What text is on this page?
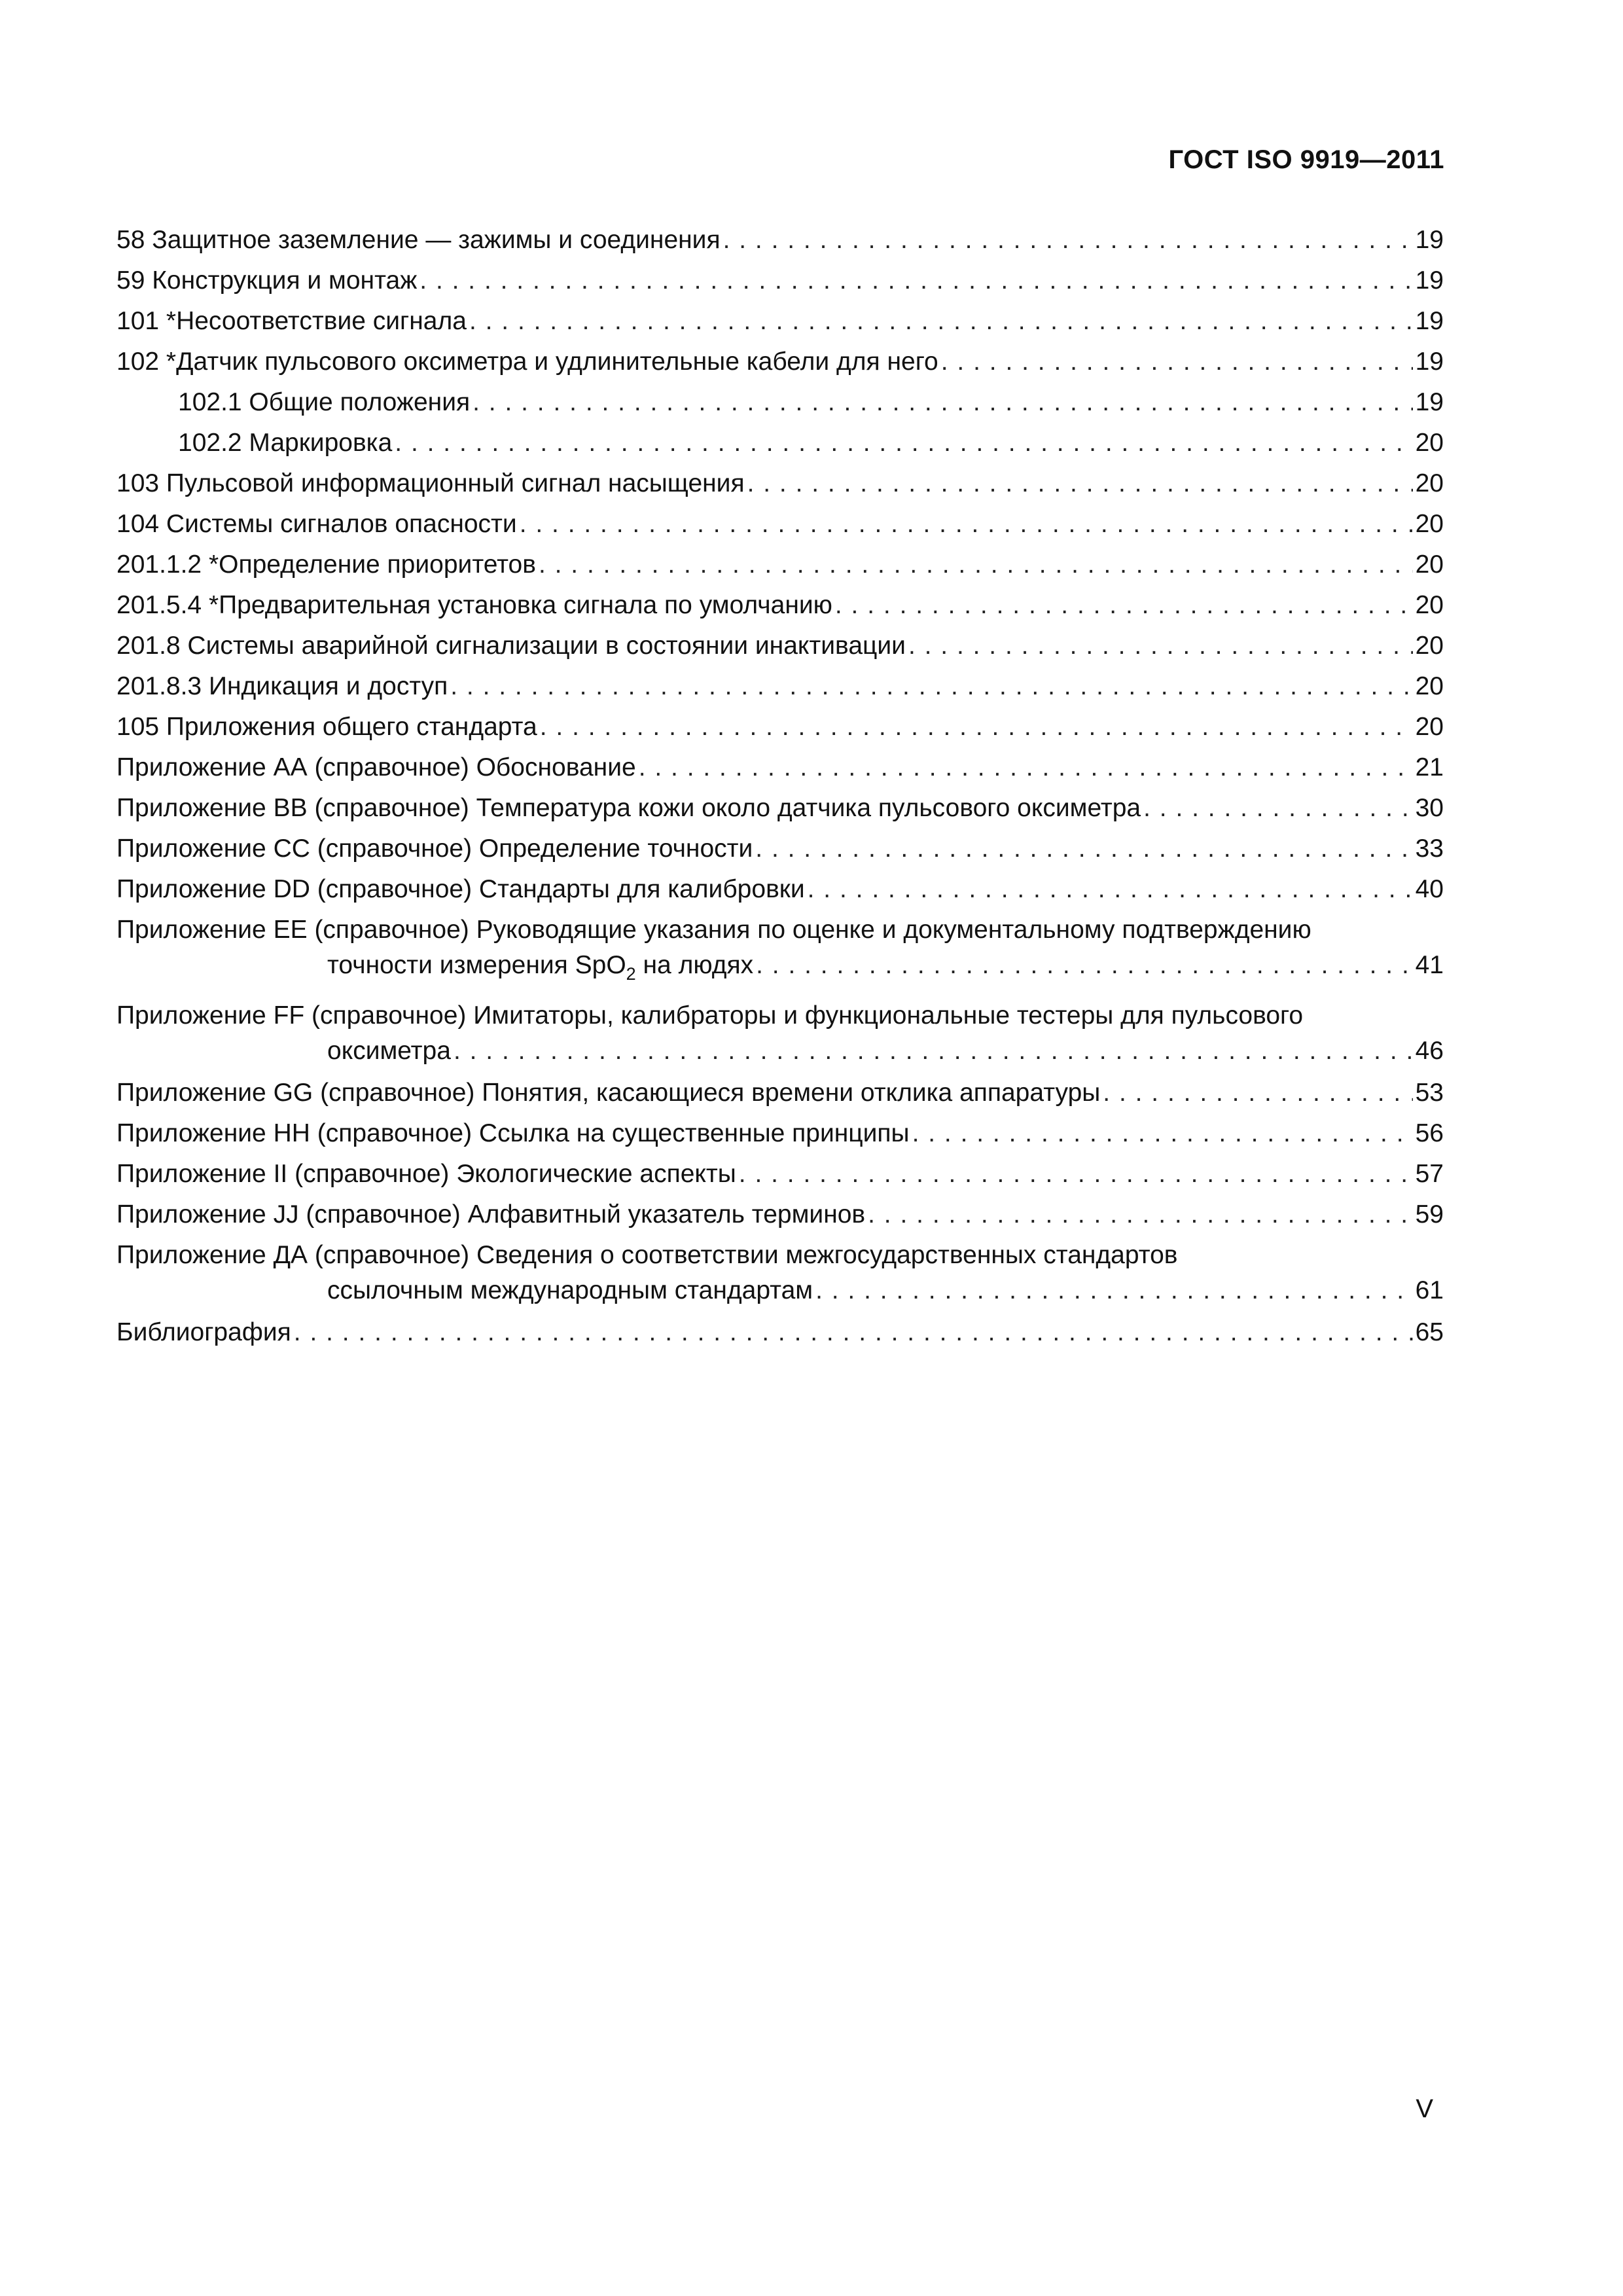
ГОСТ ISO 9919—2011
58 Защитное заземление — зажимы и соединения . . .	19
59 Конструкция и монтаж . . .	19
101 *Несоответствие сигнала . . .	19
102 *Датчик пульсового оксиметра и удлинительные кабели для него . . .	19
102.1 Общие положения . . .	19
102.2 Маркировка . . .	20
103 Пульсовой информационный сигнал насыщения . . .	20
104 Системы сигналов опасности . . .	20
201.1.2 *Определение приоритетов . . .	20
201.5.4 *Предварительная установка сигнала по умолчанию . . .	20
201.8 Системы аварийной сигнализации в состоянии инактивации . . .	20
201.8.3 Индикация и доступ . . .	20
105 Приложения общего стандарта . . .	20
Приложение АА (справочное) Обоснование . . .	21
Приложение ВВ (справочное) Температура кожи около датчика пульсового оксиметра . . .	30
Приложение СС (справочное) Определение точности . . .	33
Приложение DD (справочное) Стандарты для калибровки . . .	40
Приложение ЕЕ (справочное) Руководящие указания по оценке и документальному подтверждению
точности измерения SpO$_2$ на людях . . .	41
Приложение FF (справочное) Имитаторы, калибраторы и функциональные тестеры для пульсового
оксиметра . . .	46
Приложение GG (справочное) Понятия, касающиеся времени отклика аппаратуры . . .	53
Приложение НН (справочное) Ссылка на существенные принципы . . .	56
Приложение II (справочное) Экологические аспекты . . .	57
Приложение JJ (справочное) Алфавитный указатель терминов . . .	59
Приложение ДА (справочное) Сведения о соответствии межгосударственных стандартов
ссылочным международным стандартам . . .	61
Библиография . . .	65
V
